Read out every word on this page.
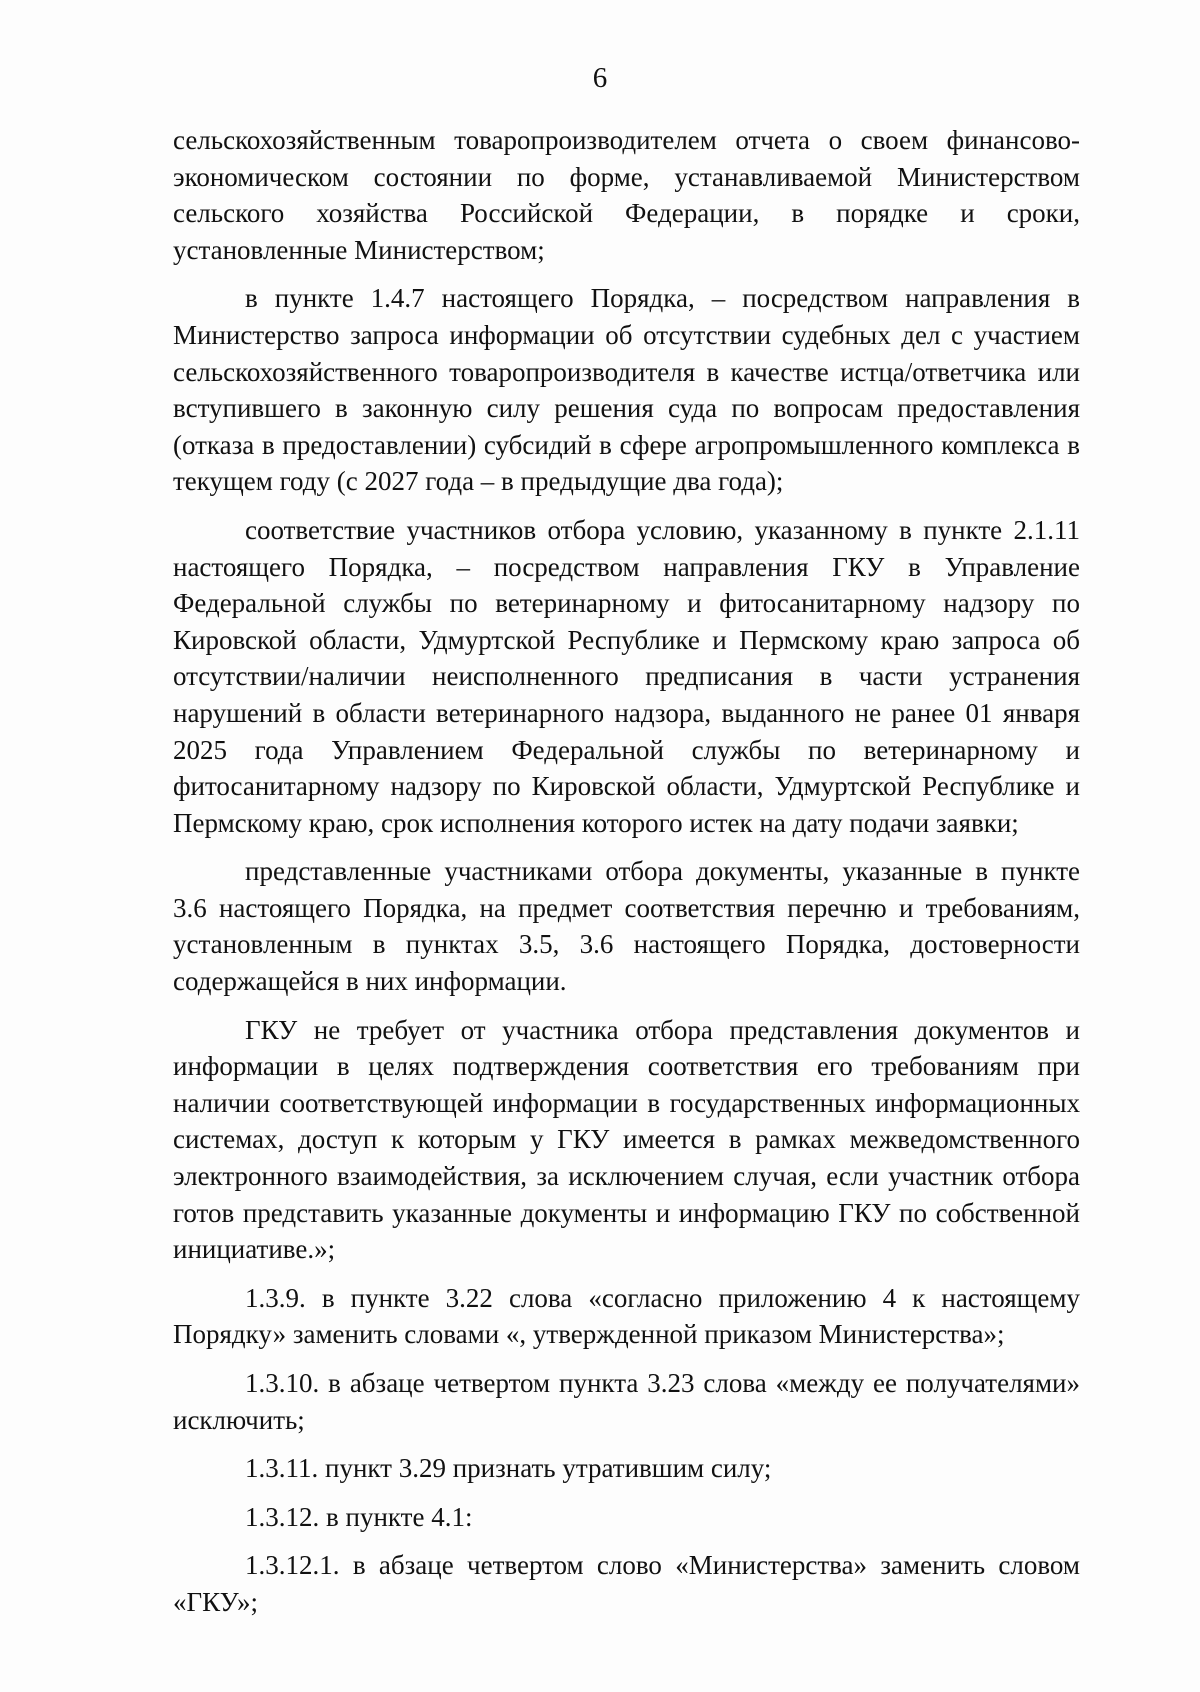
6

сельскохозяйственным товаропроизводителем отчета о своем финансово-экономическом состоянии по форме, устанавливаемой Министерством сельского хозяйства Российской Федерации, в порядке и сроки, установленные Министерством;

в пункте 1.4.7 настоящего Порядка, – посредством направления в Министерство запроса информации об отсутствии судебных дел с участием сельскохозяйственного товаропроизводителя в качестве истца/ответчика или вступившего в законную силу решения суда по вопросам предоставления (отказа в предоставлении) субсидий в сфере агропромышленного комплекса в текущем году (с 2027 года – в предыдущие два года);

соответствие участников отбора условию, указанному в пункте 2.1.11 настоящего Порядка, – посредством направления ГКУ в Управление Федеральной службы по ветеринарному и фитосанитарному надзору по Кировской области, Удмуртской Республике и Пермскому краю запроса об отсутствии/наличии неисполненного предписания в части устранения нарушений в области ветеринарного надзора, выданного не ранее 01 января 2025 года Управлением Федеральной службы по ветеринарному и фитосанитарному надзору по Кировской области, Удмуртской Республике и Пермскому краю, срок исполнения которого истек на дату подачи заявки;

представленные участниками отбора документы, указанные в пункте 3.6 настоящего Порядка, на предмет соответствия перечню и требованиям, установленным в пунктах 3.5, 3.6 настоящего Порядка, достоверности содержащейся в них информации.

ГКУ не требует от участника отбора представления документов и информации в целях подтверждения соответствия его требованиям при наличии соответствующей информации в государственных информационных системах, доступ к которым у ГКУ имеется в рамках межведомственного электронного взаимодействия, за исключением случая, если участник отбора готов представить указанные документы и информацию ГКУ по собственной инициативе.»;

1.3.9. в пункте 3.22 слова «согласно приложению 4 к настоящему Порядку» заменить словами «, утвержденной приказом Министерства»;

1.3.10. в абзаце четвертом пункта 3.23 слова «между ее получателями» исключить;

1.3.11. пункт 3.29 признать утратившим силу;

1.3.12. в пункте 4.1:

1.3.12.1. в абзаце четвертом слово «Министерства» заменить словом «ГКУ»;
